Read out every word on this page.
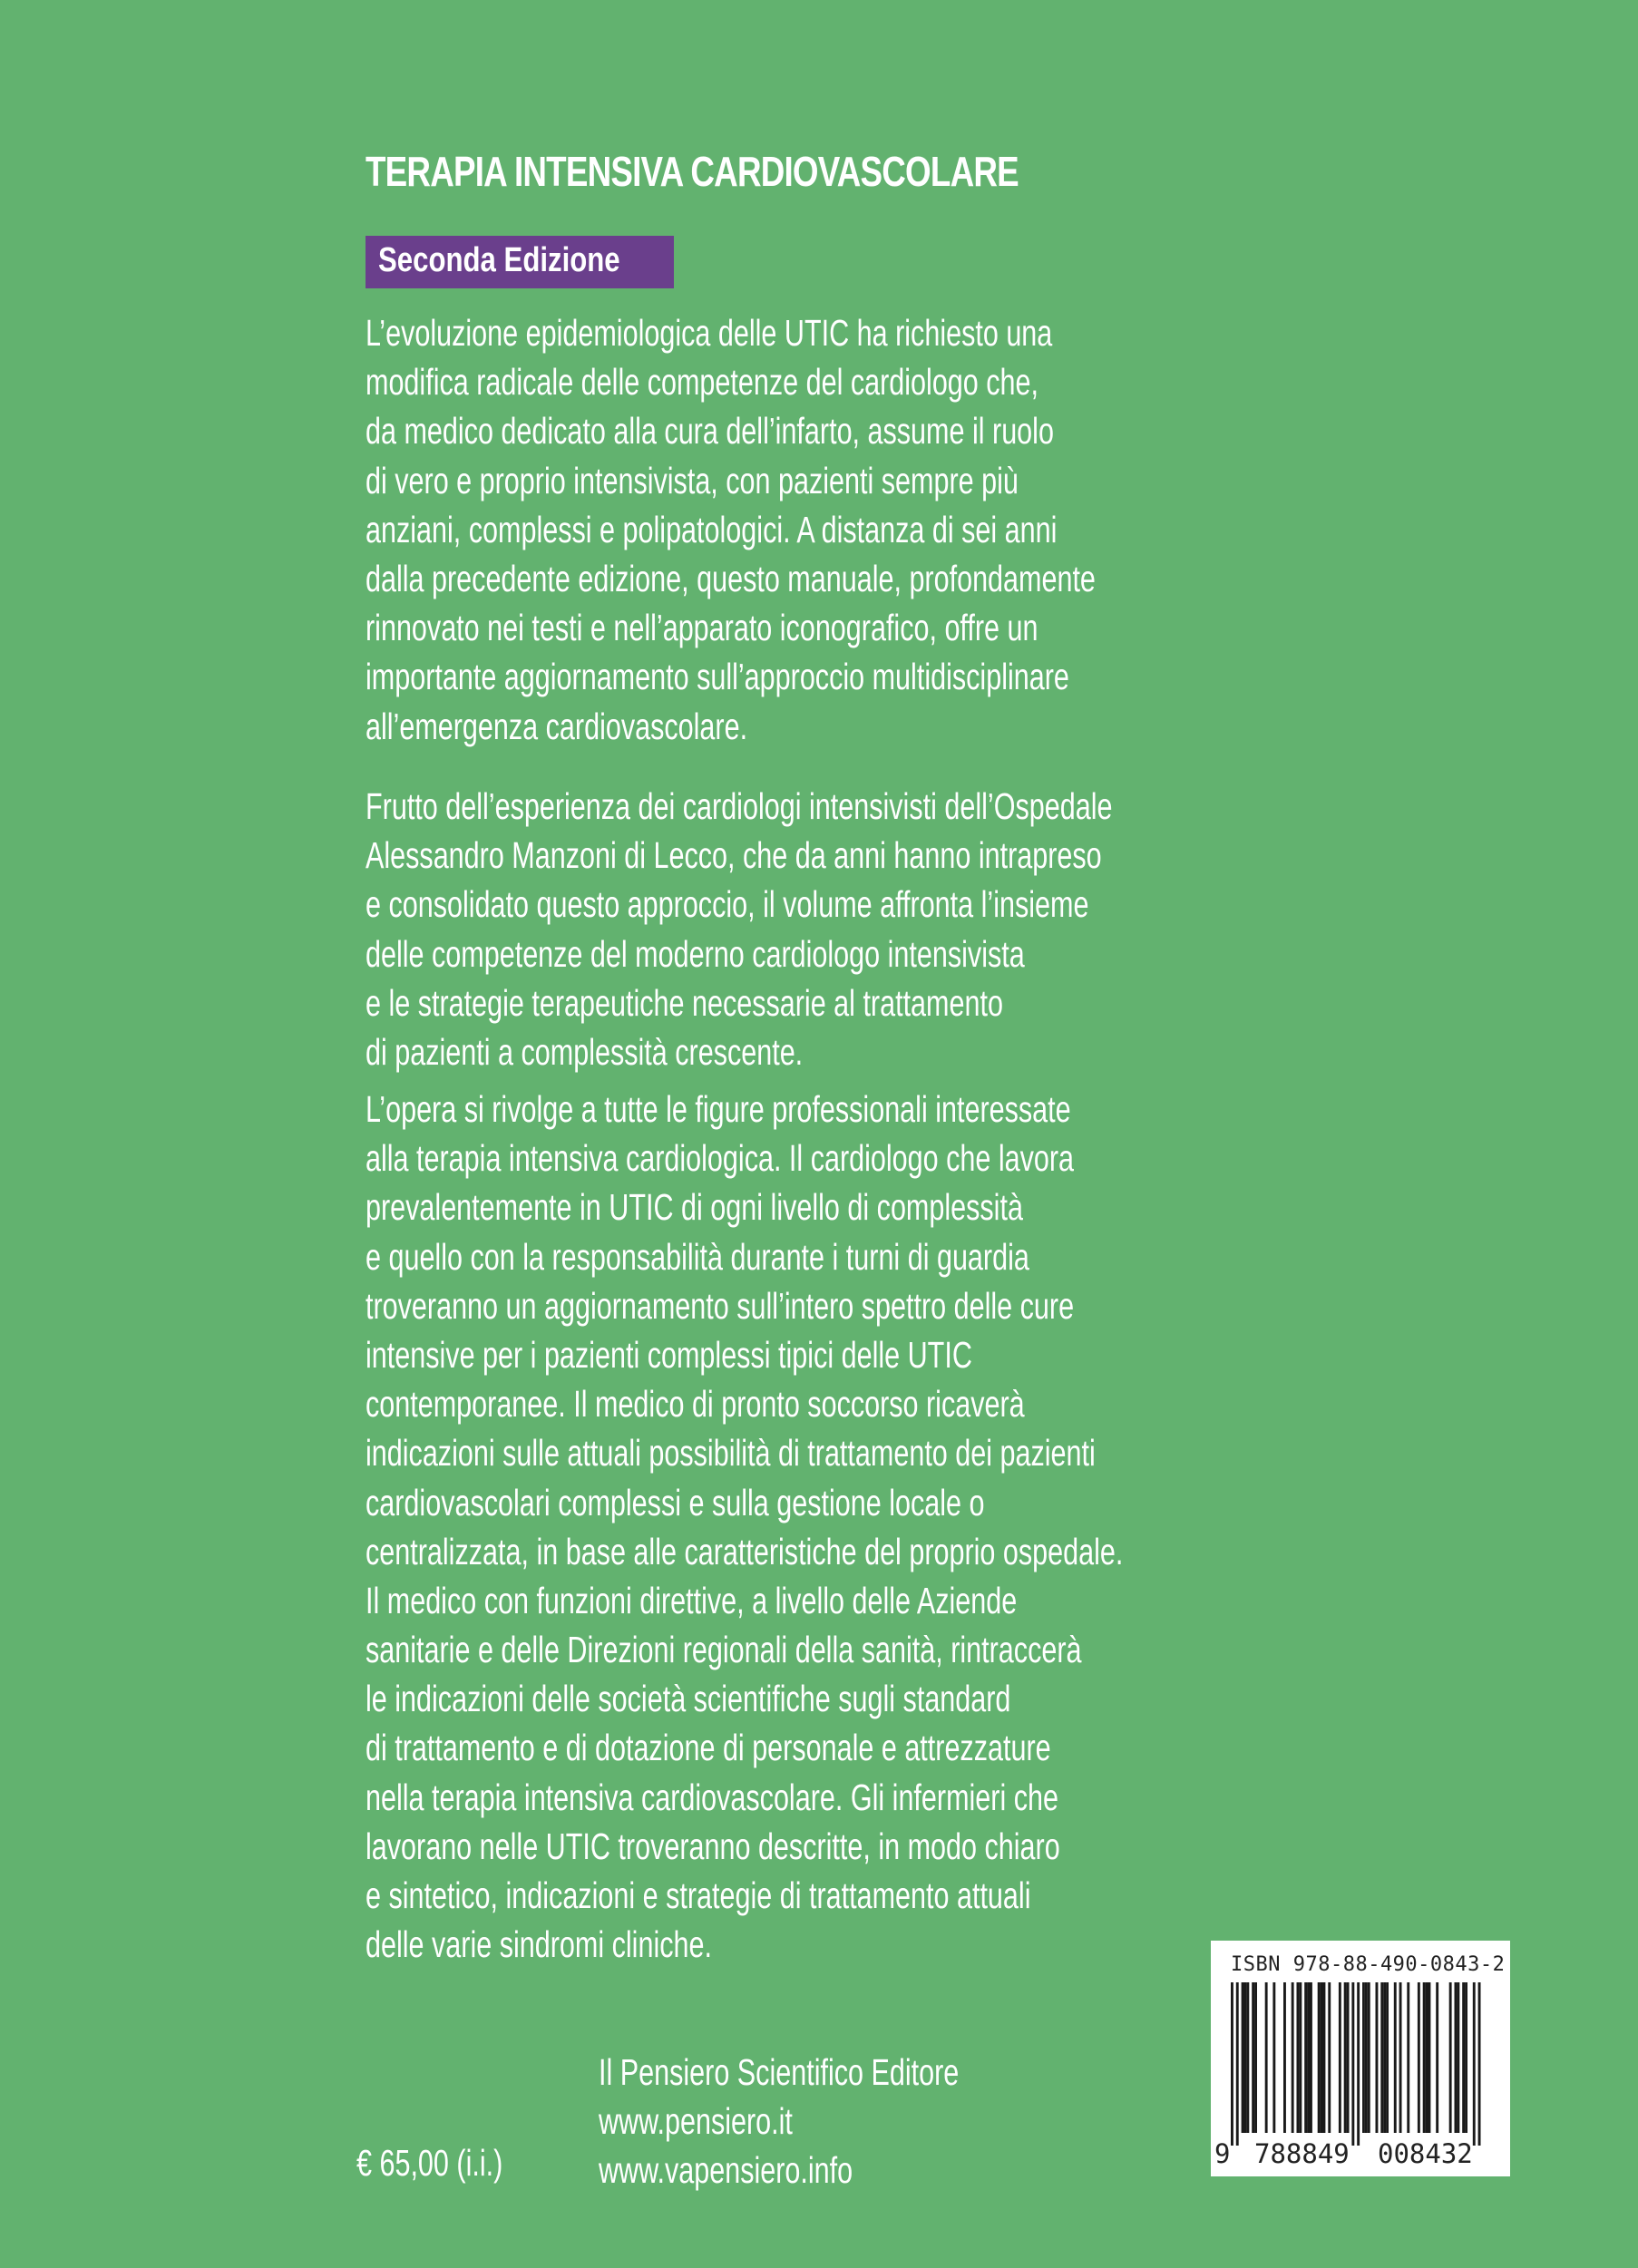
TERAPIA INTENSIVA CARDIOVASCOLARE
Seconda Edizione
L’evoluzione epidemiologica delle UTIC ha richiesto una
modifica radicale delle competenze del cardiologo che,
da medico dedicato alla cura dell’infarto, assume il ruolo
di vero e proprio intensivista, con pazienti sempre più
anziani, complessi e polipatologici. A distanza di sei anni
dalla precedente edizione, questo manuale, profondamente
rinnovato nei testi e nell’apparato iconografico, offre un
importante aggiornamento sull’approccio multidisciplinare
all’emergenza cardiovascolare.
Frutto dell’esperienza dei cardiologi intensivisti dell’Ospedale
Alessandro Manzoni di Lecco, che da anni hanno intrapreso
e consolidato questo approccio, il volume affronta l’insieme
delle competenze del moderno cardiologo intensivista
e le strategie terapeutiche necessarie al trattamento
di pazienti a complessità crescente.
L’opera si rivolge a tutte le figure professionali interessate
alla terapia intensiva cardiologica. Il cardiologo che lavora
prevalentemente in UTIC di ogni livello di complessità
e quello con la responsabilità durante i turni di guardia
troveranno un aggiornamento sull’intero spettro delle cure
intensive per i pazienti complessi tipici delle UTIC
contemporanee. Il medico di pronto soccorso ricaverà
indicazioni sulle attuali possibilità di trattamento dei pazienti
cardiovascolari complessi e sulla gestione locale o
centralizzata, in base alle caratteristiche del proprio ospedale.
Il medico con funzioni direttive, a livello delle Aziende
sanitarie e delle Direzioni regionali della sanità, rintraccerà
le indicazioni delle società scientifiche sugli standard
di trattamento e di dotazione di personale e attrezzature
nella terapia intensiva cardiovascolare. Gli infermieri che
lavorano nelle UTIC troveranno descritte, in modo chiaro
e sintetico, indicazioni e strategie di trattamento attuali
delle varie sindromi cliniche.
Il Pensiero Scientifico Editore
www.pensiero.it
www.vapensiero.info
€ 65,00 (i.i.)
ISBN 978-88-490-0843-2
9 788849 008432
